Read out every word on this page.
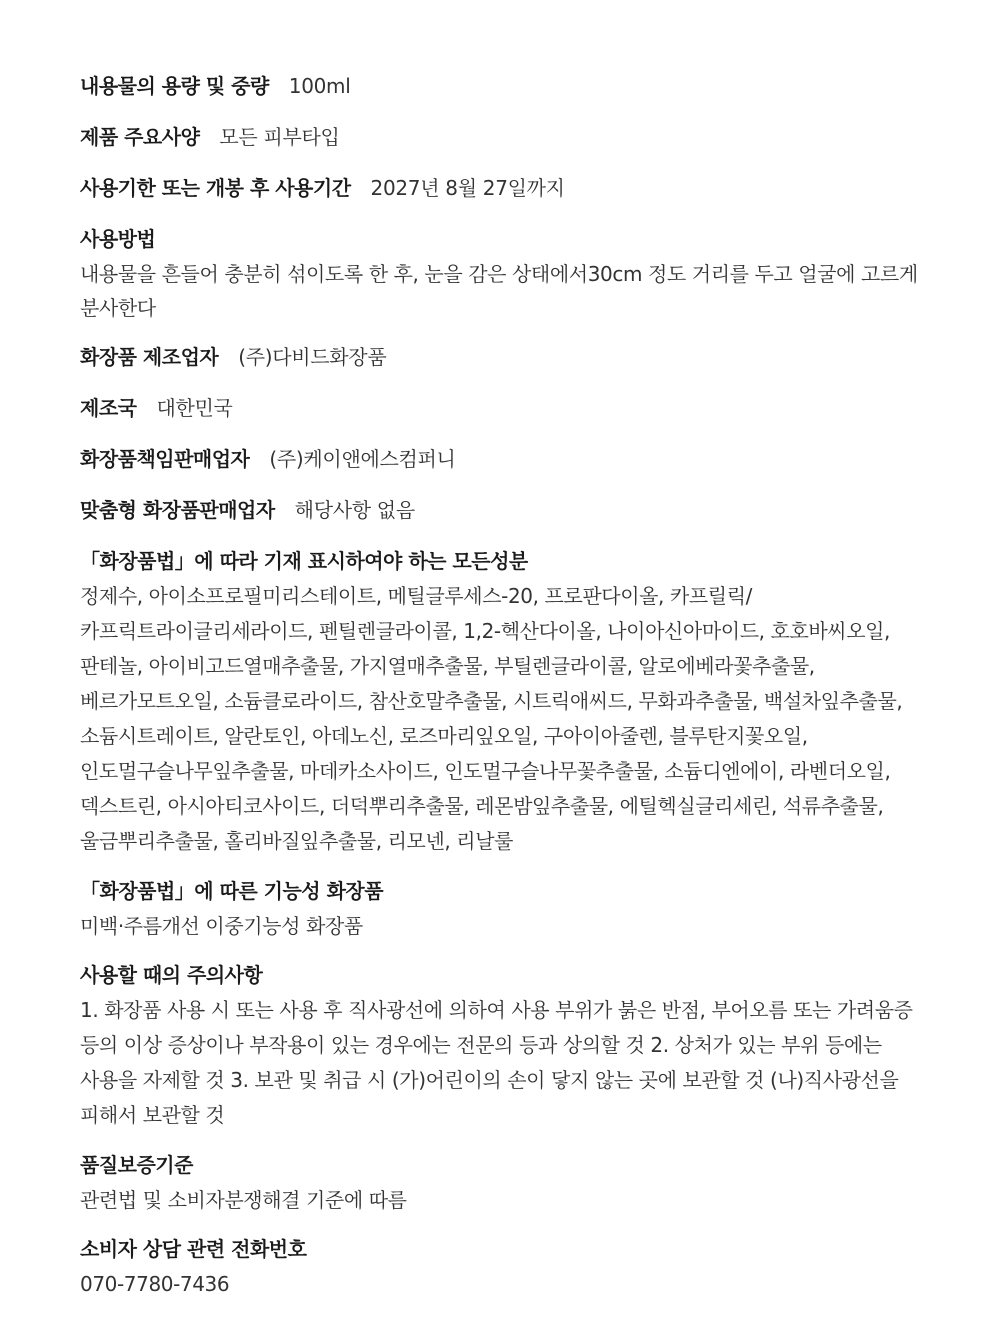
내용물의 용량 및 중량 100ml
제품 주요사양 모든 피부타입
사용기한 또는 개봉 후 사용기간 2027년 8월 27일까지
사용방법
내용물을 흔들어 충분히 섞이도록 한 후, 눈을 감은 상태에서30cm 정도 거리를 두고 얼굴에 고르게 분사한다
화장품 제조업자 (주)다비드화장품
제조국 대한민국
화장품책임판매업자 (주)케이앤에스컴퍼니
맞춤형 화장품판매업자 해당사항 없음
「화장품법」에 따라 기재 표시하여야 하는 모든성분
정제수, 아이소프로필미리스테이트, 메틸글루세스-20, 프로판다이올, 카프릴릭/카프릭트라이글리세라이드, 펜틸렌글라이콜, 1,2-헥산다이올, 나이아신아마이드, 호호바씨오일, 판테놀, 아이비고드열매추출물, 가지열매추출물, 부틸렌글라이콜, 알로에베라꽃추출물, 베르가모트오일, 소듐클로라이드, 참산호말추출물, 시트릭애씨드, 무화과추출물, 백설차잎추출물, 소듐시트레이트, 알란토인, 아데노신, 로즈마리잎오일, 구아이아줄렌, 블루탄지꽃오일, 인도멀구슬나무잎추출물, 마데카소사이드, 인도멀구슬나무꽃추출물, 소듐디엔에이, 라벤더오일, 덱스트린, 아시아티코사이드, 더덕뿌리추출물, 레몬밤잎추출물, 에틸헥실글리세린, 석류추출물, 울금뿌리추출물, 홀리바질잎추출물, 리모넨, 리날룰
「화장품법」에 따른 기능성 화장품
미백·주름개선 이중기능성 화장품
사용할 때의 주의사항
1. 화장품 사용 시 또는 사용 후 직사광선에 의하여 사용 부위가 붉은 반점, 부어오름 또는 가려움증 등의 이상 증상이나 부작용이 있는 경우에는 전문의 등과 상의할 것 2. 상처가 있는 부위 등에는 사용을 자제할 것 3. 보관 및 취급 시 (가)어린이의 손이 닿지 않는 곳에 보관할 것 (나)직사광선을 피해서 보관할 것
품질보증기준
관련법 및 소비자분쟁해결 기준에 따름
소비자 상담 관련 전화번호
070-7780-7436
